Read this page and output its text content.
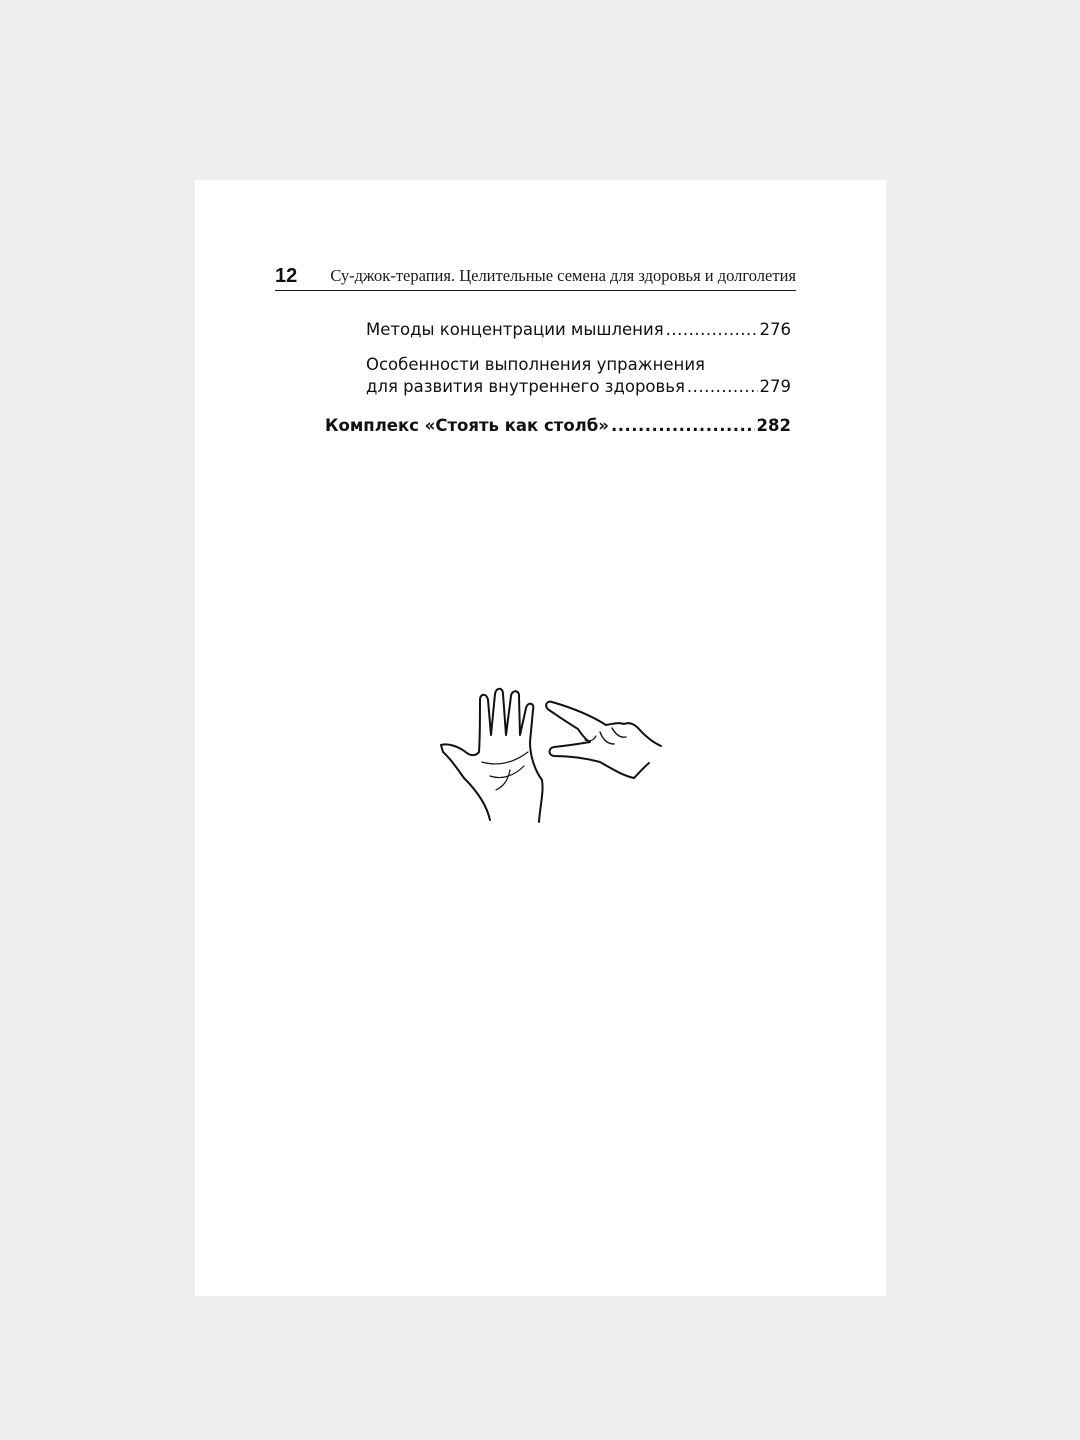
12 Су-джок-терапия. Целительные семена для здоровья и долголетия
Методы концентрации мышления .....	276
Особенности выполнения упражнения
для развития внутреннего здоровья .....	279
Комплекс «Стоять как столб» .....	282
